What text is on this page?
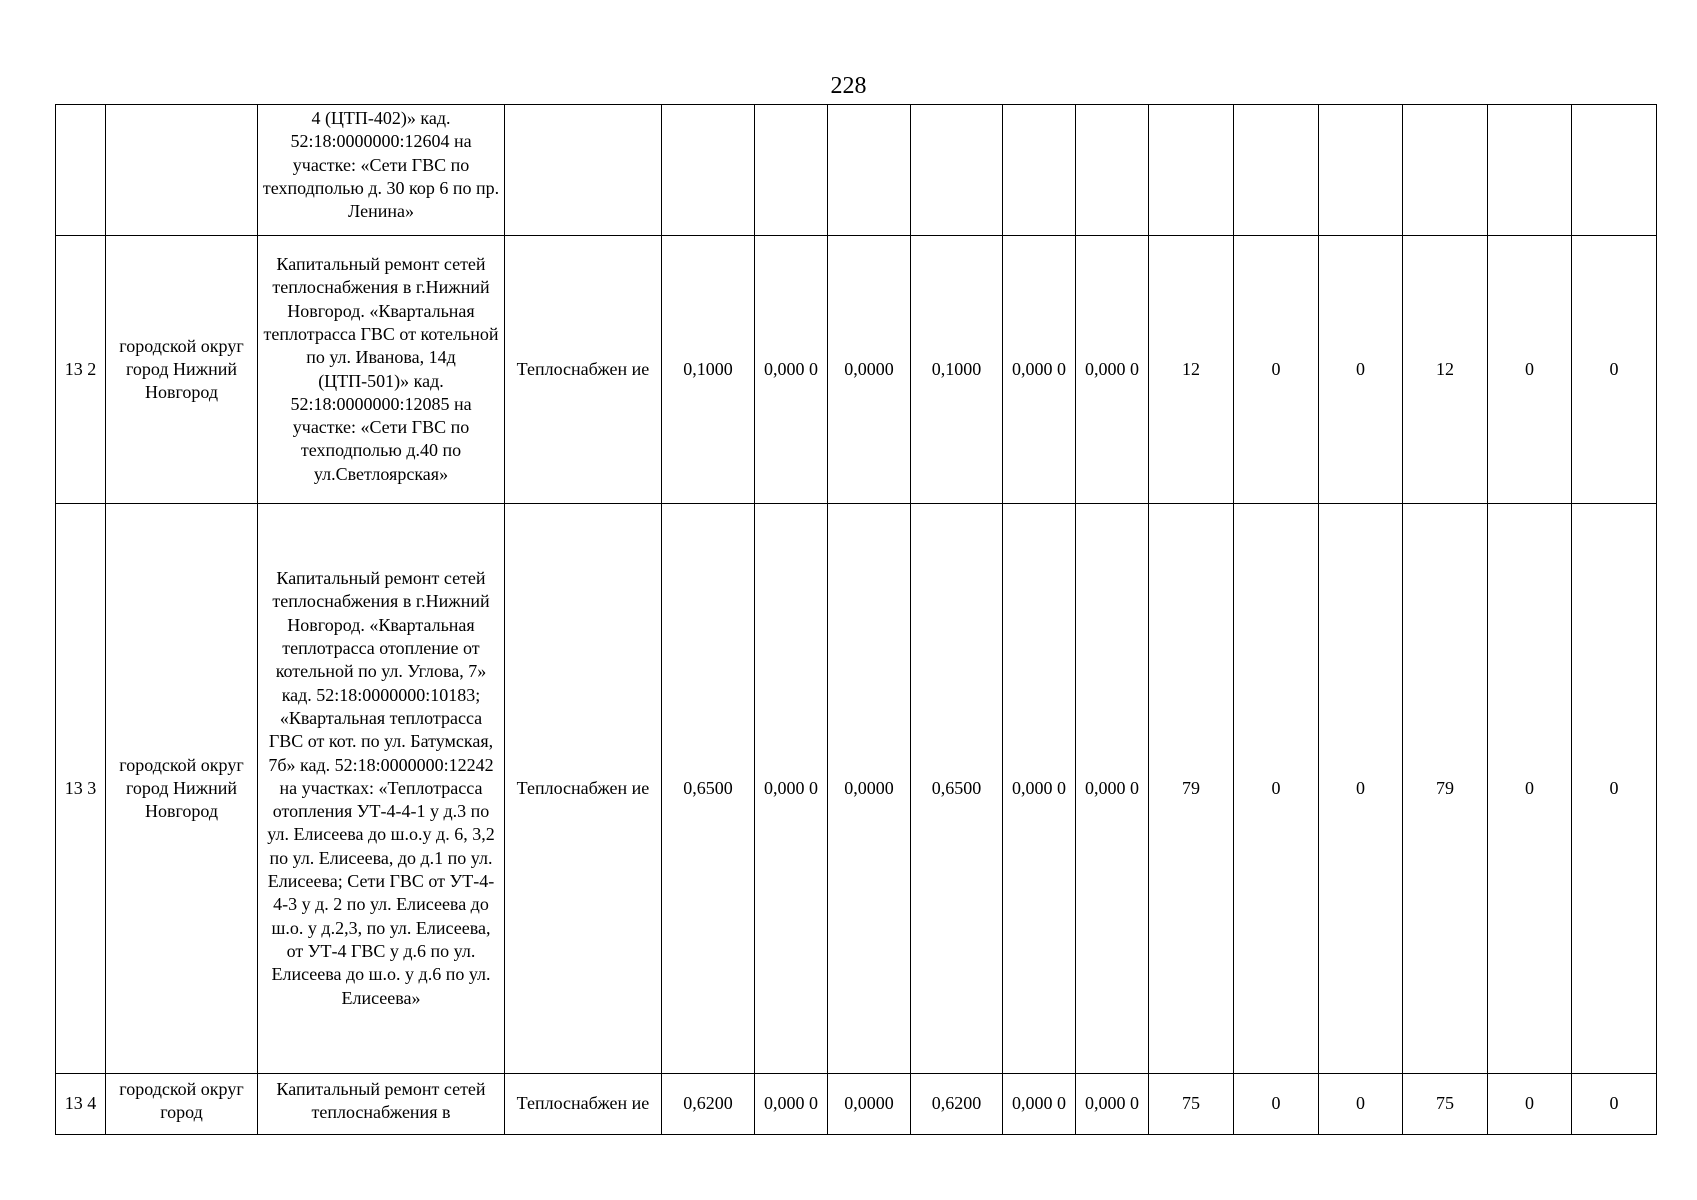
228
		4 (ЦТП-402)» кад. 52:18:0000000:12604 на участке: «Сети ГВС по техподполью д. 30 кор 6 по пр. Ленина»													
13 2	городской округ город Нижний Новгород	Капитальный ремонт сетей теплоснабжения в г.Нижний Новгород. «Квартальная теплотрасса ГВС от котельной по ул. Иванова, 14д (ЦТП-501)» кад. 52:18:0000000:12085 на участке: «Сети ГВС по техподполью д.40 по ул.Светлоярская»	Теплоснабжен ие	0,1000	0,000 0	0,0000	0,1000	0,000 0	0,000 0	12	0	0	12	0	0
13 3	городской округ город Нижний Новгород	Капитальный ремонт сетей теплоснабжения в г.Нижний Новгород. «Квартальная теплотрасса отопление от котельной по ул. Углова, 7» кад. 52:18:0000000:10183; «Квартальная теплотрасса ГВС от кот. по ул. Батумская, 7б» кад. 52:18:0000000:12242 на участках: «Теплотрасса отопления УТ-4-4-1 у д.3 по ул. Елисеева до ш.о.у д. 6, 3,2 по ул. Елисеева, до д.1 по ул. Елисеева; Сети ГВС от УТ-4-4-3 у д. 2 по ул. Елисеева до ш.о. у д.2,3, по ул. Елисеева, от УТ-4 ГВС у д.6 по ул. Елисеева до ш.о. у д.6 по ул. Елисеева»	Теплоснабжен ие	0,6500	0,000 0	0,0000	0,6500	0,000 0	0,000 0	79	0	0	79	0	0
13 4	городской округ город	Капитальный ремонт сетей теплоснабжения в	Теплоснабжен ие	0,6200	0,000 0	0,0000	0,6200	0,000 0	0,000 0	75	0	0	75	0	0
